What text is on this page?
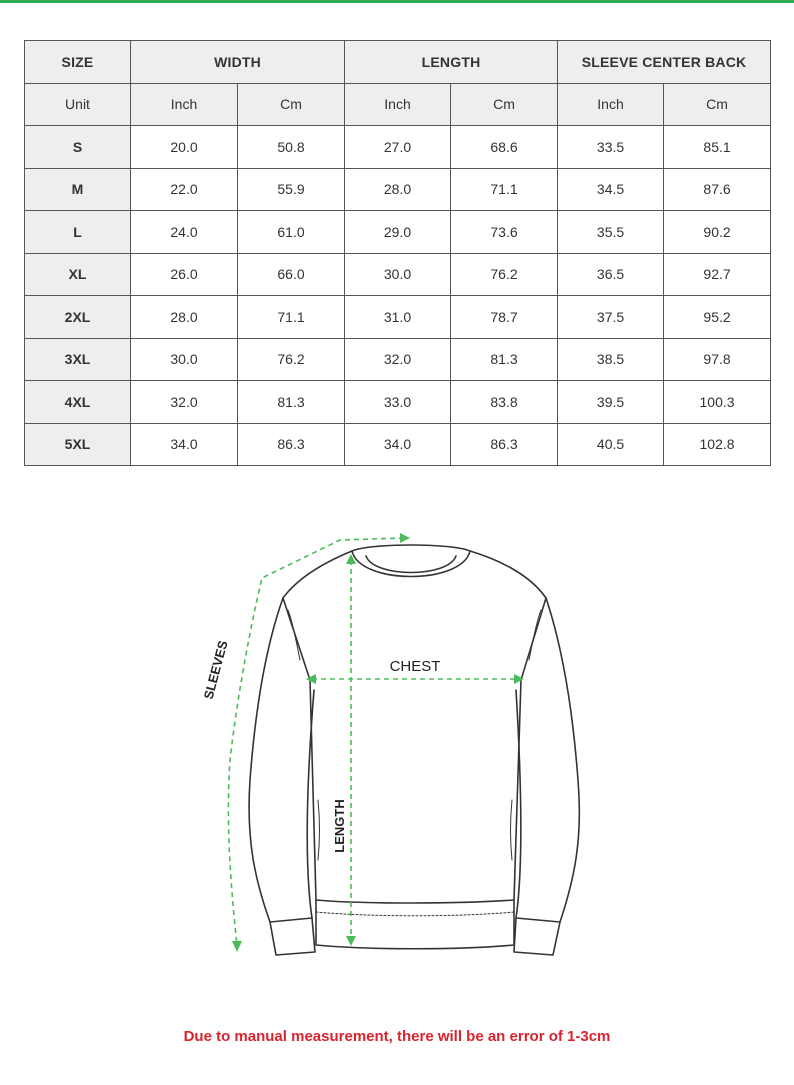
SIZE	WIDTH		LENGTH		SLEEVE CENTER BACK	
Unit	Inch	Cm	Inch	Cm	Inch	Cm
S	20.0	50.8	27.0	68.6	33.5	85.1
M	22.0	55.9	28.0	71.1	34.5	87.6
L	24.0	61.0	29.0	73.6	35.5	90.2
XL	26.0	66.0	30.0	76.2	36.5	92.7
2XL	28.0	71.1	31.0	78.7	37.5	95.2
3XL	30.0	76.2	32.0	81.3	38.5	97.8
4XL	32.0	81.3	33.0	83.8	39.5	100.3
5XL	34.0	86.3	34.0	86.3	40.5	102.8
CHEST
LENGTH
SLEEVES
Due to manual measurement, there will be an error of 1-3cm
